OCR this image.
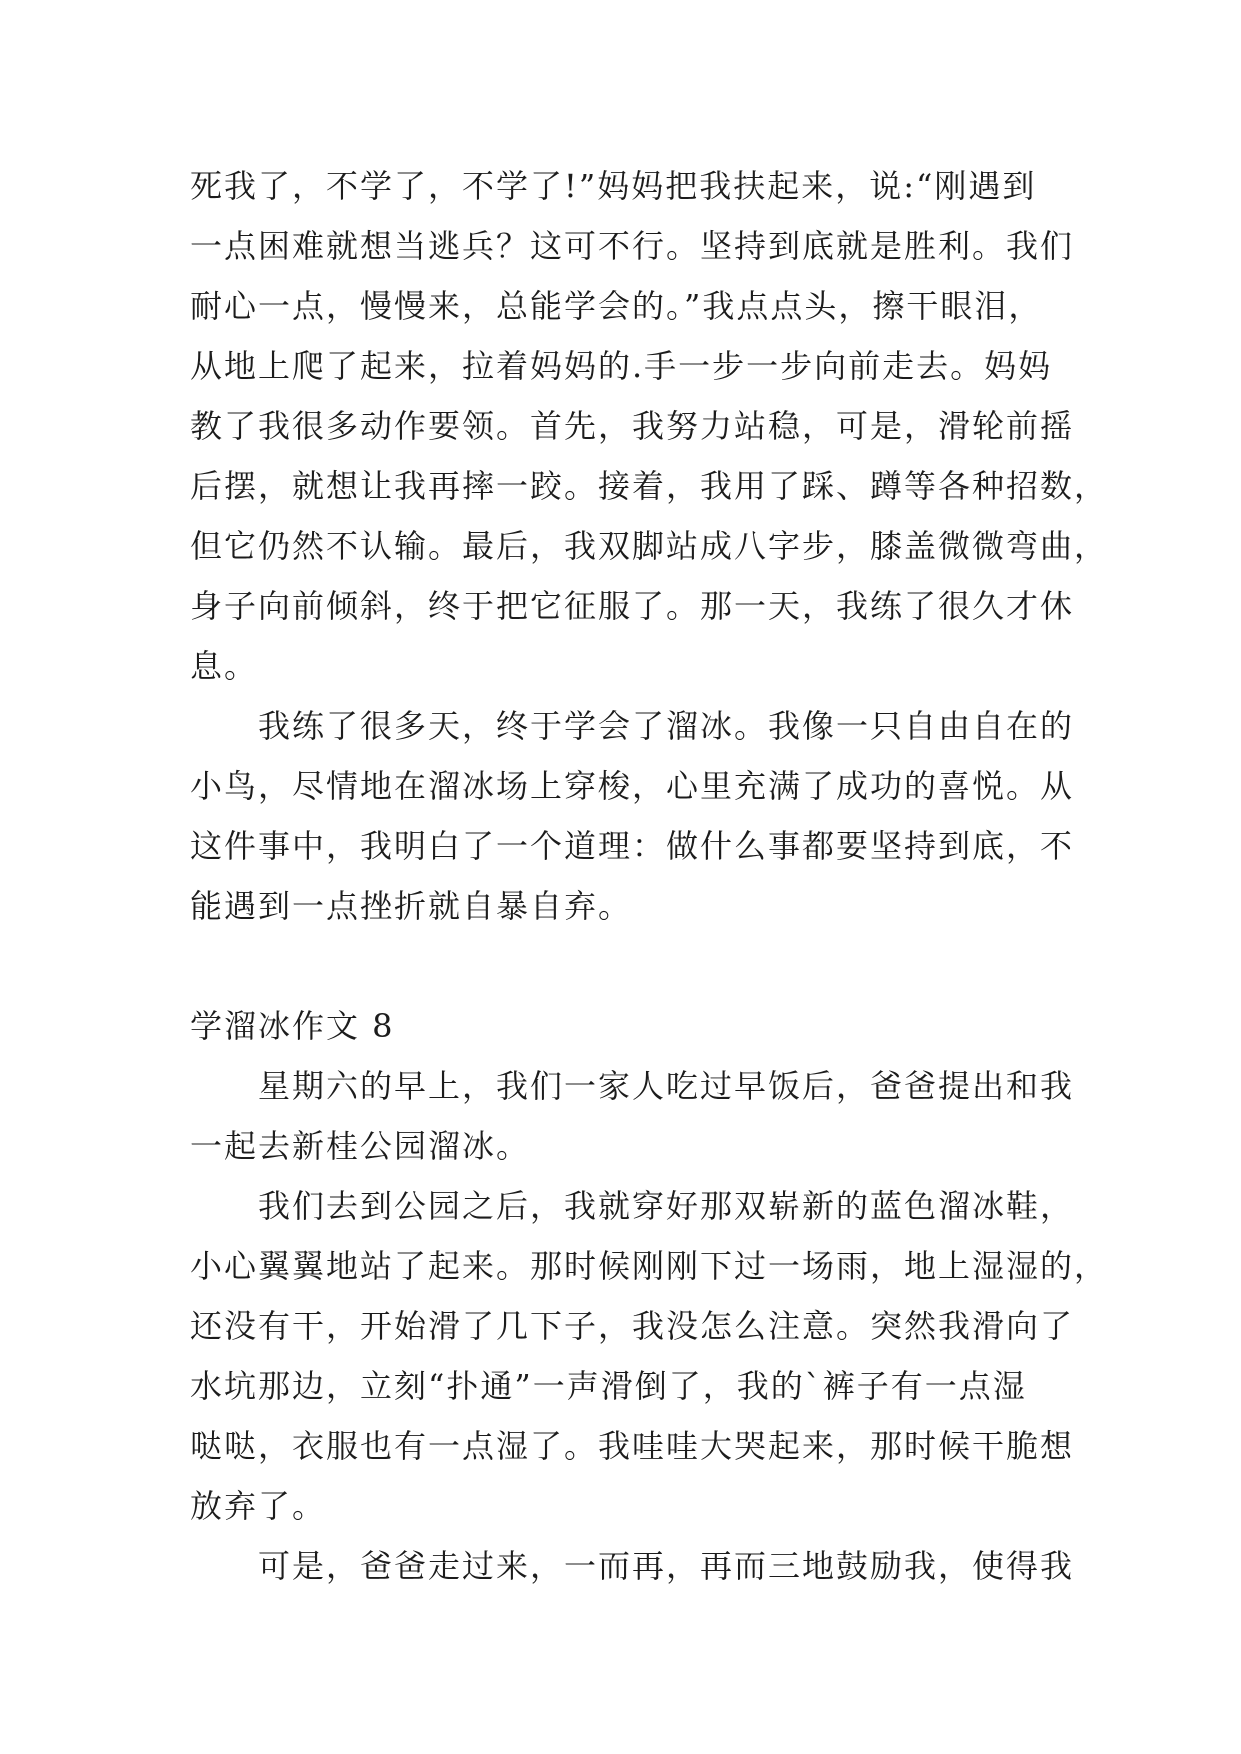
死我了，不学了，不学了!”妈妈把我扶起来，说:“刚遇到
一点困难就想当逃兵？这可不行。坚持到底就是胜利。我们
耐心一点，慢慢来，总能学会的。”我点点头，擦干眼泪，
从地上爬了起来，拉着妈妈的.手一步一步向前走去。妈妈
教了我很多动作要领。首先，我努力站稳，可是，滑轮前摇
后摆，就想让我再摔一跤。接着，我用了踩、蹲等各种招数，
但它仍然不认输。最后，我双脚站成八字步，膝盖微微弯曲，
身子向前倾斜，终于把它征服了。那一天，我练了很久才休
息。
我练了很多天，终于学会了溜冰。我像一只自由自在的
小鸟，尽情地在溜冰场上穿梭，心里充满了成功的喜悦。从
这件事中，我明白了一个道理：做什么事都要坚持到底，不
能遇到一点挫折就自暴自弃。
学溜冰作文 8
星期六的早上，我们一家人吃过早饭后，爸爸提出和我
一起去新桂公园溜冰。
我们去到公园之后，我就穿好那双崭新的蓝色溜冰鞋，
小心翼翼地站了起来。那时候刚刚下过一场雨，地上湿湿的，
还没有干，开始滑了几下子，我没怎么注意。突然我滑向了
水坑那边，立刻“扑通”一声滑倒了，我的`裤子有一点湿
哒哒，衣服也有一点湿了。我哇哇大哭起来，那时候干脆想
放弃了。
可是，爸爸走过来，一而再，再而三地鼓励我，使得我
